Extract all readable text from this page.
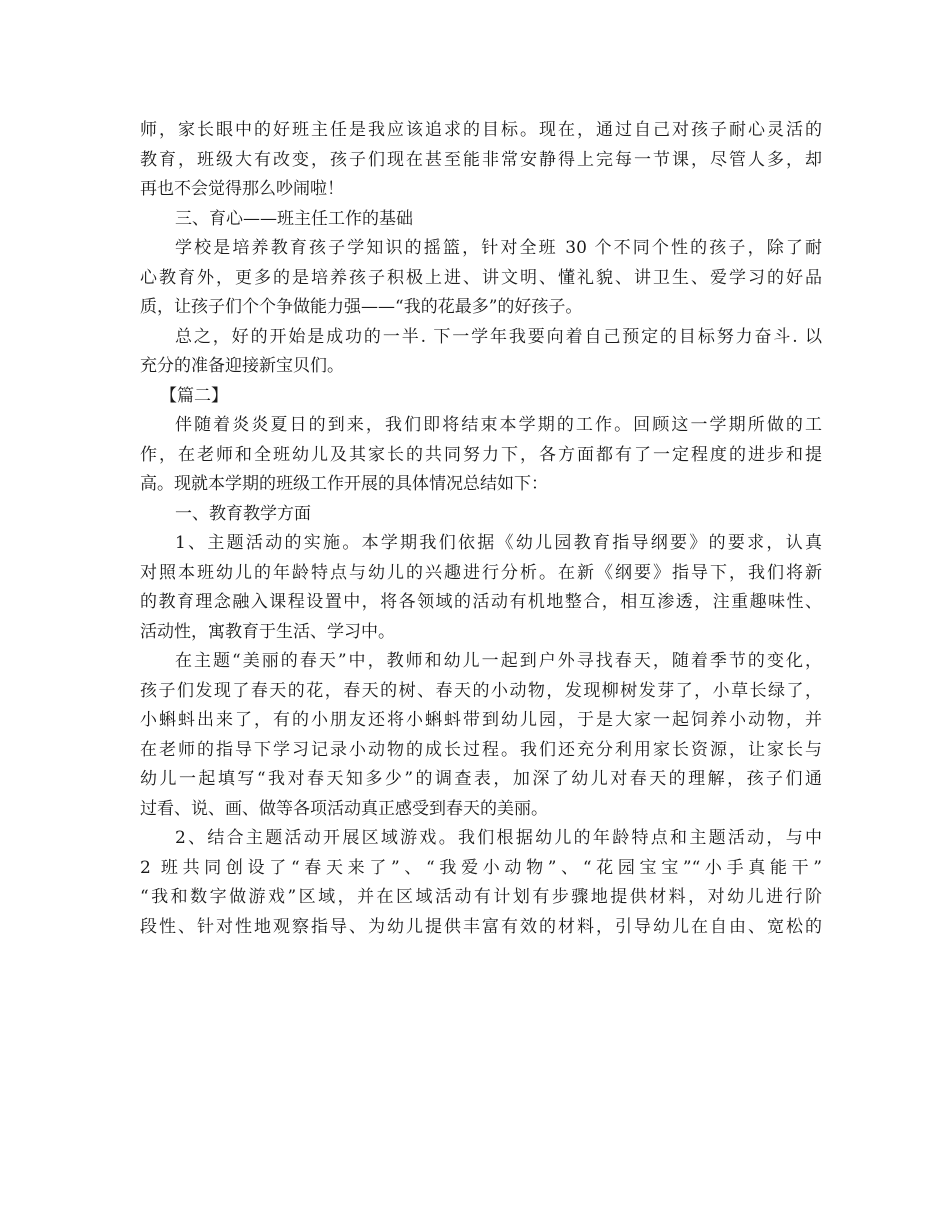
师，家长眼中的好班主任是我应该追求的目标。现在，通过自己对孩子耐心灵活的
教育，班级大有改变，孩子们现在甚至能非常安静得上完每一节课，尽管人多，却
再也不会觉得那么吵闹啦！
三、育心——班主任工作的基础
学校是培养教育孩子学知识的摇篮，针对全班 30 个不同个性的孩子，除了耐
心教育外，更多的是培养孩子积极上进、讲文明、懂礼貌、讲卫生、爱学习的好品
质，让孩子们个个争做能力强——“我的花最多”的好孩子。
总之，好的开始是成功的一半. 下一学年我要向着自己预定的目标努力奋斗. 以
充分的准备迎接新宝贝们。
【篇二】
伴随着炎炎夏日的到来，我们即将结束本学期的工作。回顾这一学期所做的工
作，在老师和全班幼儿及其家长的共同努力下，各方面都有了一定程度的进步和提
高。现就本学期的班级工作开展的具体情况总结如下：
一、教育教学方面
1、主题活动的实施。本学期我们依据《幼儿园教育指导纲要》的要求，认真
对照本班幼儿的年龄特点与幼儿的兴趣进行分析。在新《纲要》指导下，我们将新
的教育理念融入课程设置中，将各领域的活动有机地整合，相互渗透，注重趣味性、
活动性，寓教育于生活、学习中。
在主题“美丽的春天”中，教师和幼儿一起到户外寻找春天，随着季节的变化，
孩子们发现了春天的花，春天的树、春天的小动物，发现柳树发芽了，小草长绿了，
小蝌蚪出来了，有的小朋友还将小蝌蚪带到幼儿园，于是大家一起饲养小动物，并
在老师的指导下学习记录小动物的成长过程。我们还充分利用家长资源，让家长与
幼儿一起填写“我对春天知多少”的调查表，加深了幼儿对春天的理解，孩子们通
过看、说、画、做等各项活动真正感受到春天的美丽。
2、结合主题活动开展区域游戏。我们根据幼儿的年龄特点和主题活动，与中
2 班共同创设了“春天来了”、“我爱小动物”、“花园宝宝”“小手真能干”
“我和数字做游戏”区域，并在区域活动有计划有步骤地提供材料，对幼儿进行阶
段性、针对性地观察指导、为幼儿提供丰富有效的材料，引导幼儿在自由、宽松的
